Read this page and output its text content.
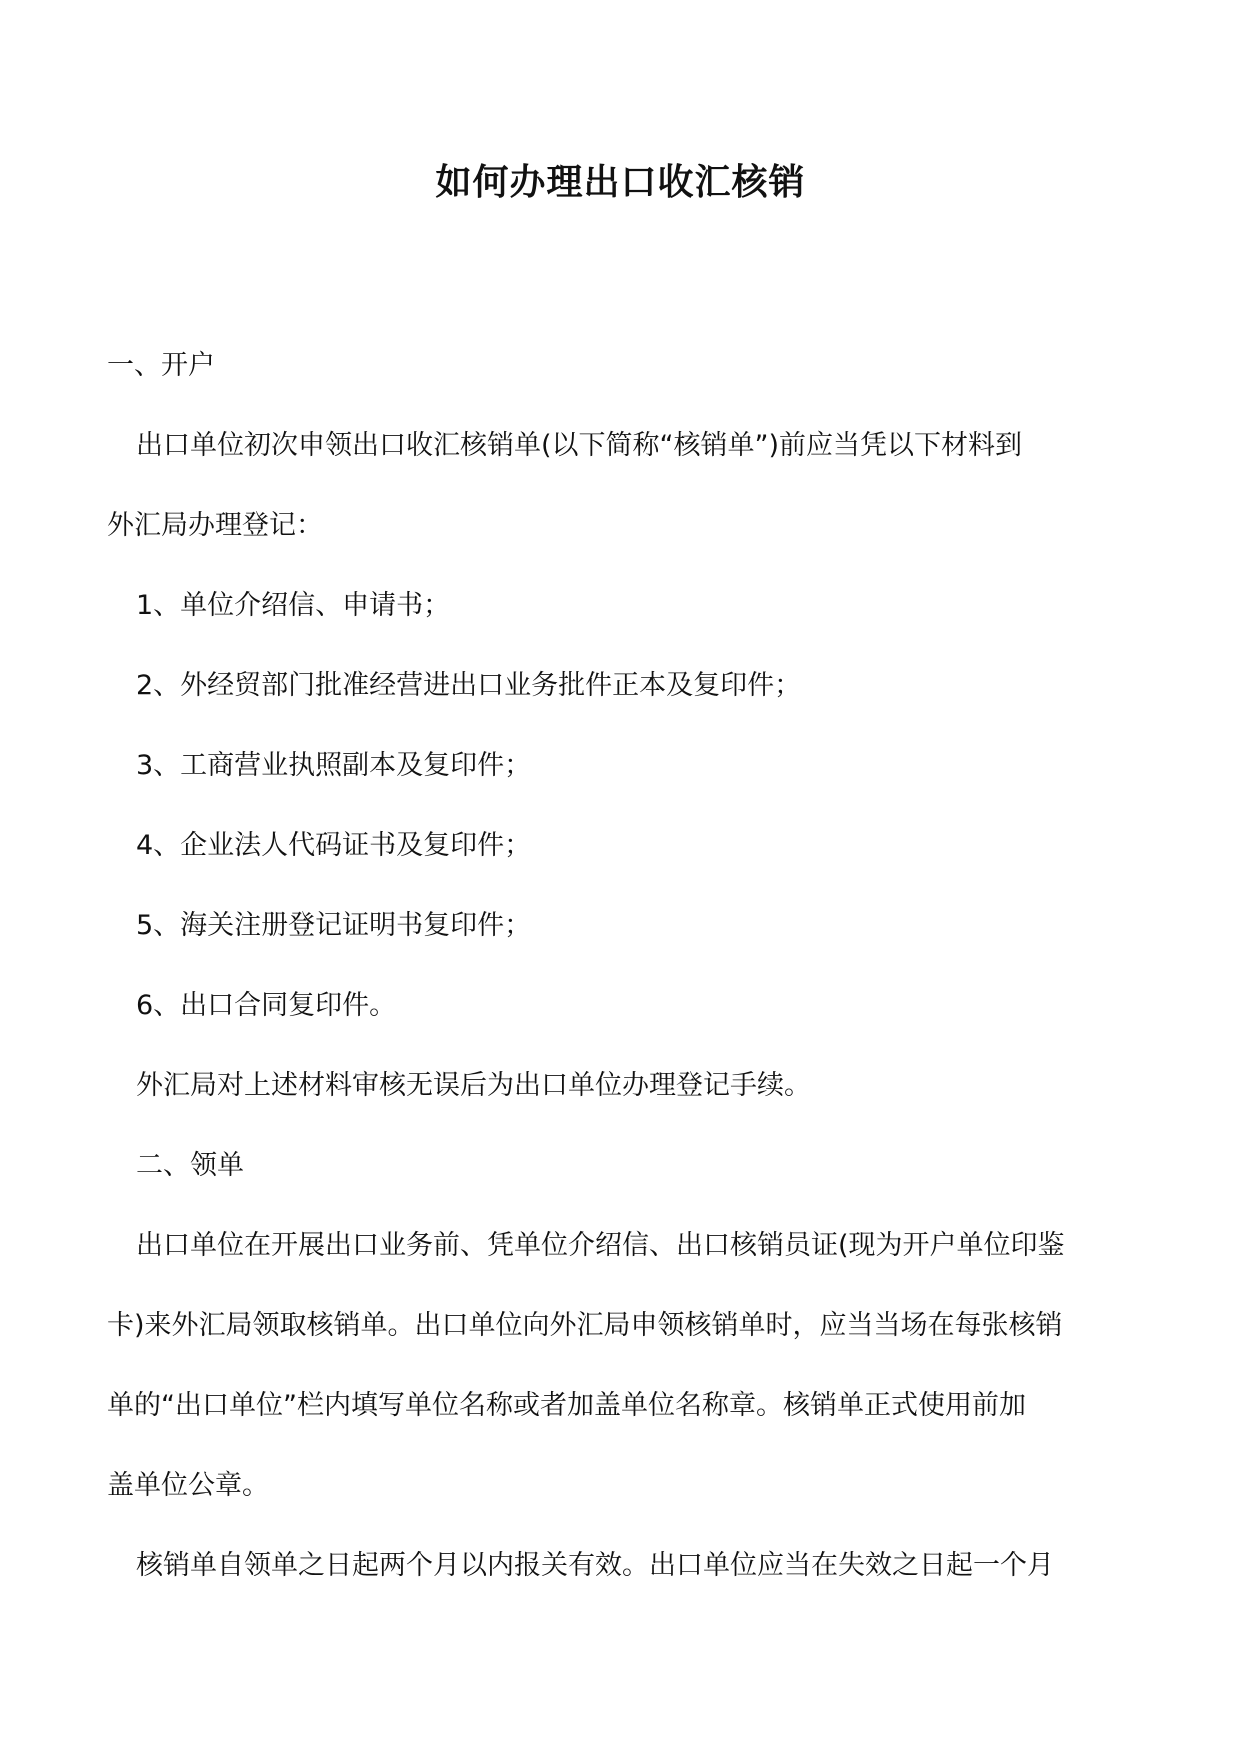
如何办理出口收汇核销
一、开户
出口单位初次申领出口收汇核销单(以下简称“核销单”)前应当凭以下材料到
外汇局办理登记：
1、单位介绍信、申请书；
2、外经贸部门批准经营进出口业务批件正本及复印件；
3、工商营业执照副本及复印件；
4、企业法人代码证书及复印件；
5、海关注册登记证明书复印件；
6、出口合同复印件。
外汇局对上述材料审核无误后为出口单位办理登记手续。
二、领单
出口单位在开展出口业务前、凭单位介绍信、出口核销员证(现为开户单位印鉴
卡)来外汇局领取核销单。出口单位向外汇局申领核销单时，应当当场在每张核销
单的“出口单位”栏内填写单位名称或者加盖单位名称章。核销单正式使用前加
盖单位公章。
核销单自领单之日起两个月以内报关有效。出口单位应当在失效之日起一个月
